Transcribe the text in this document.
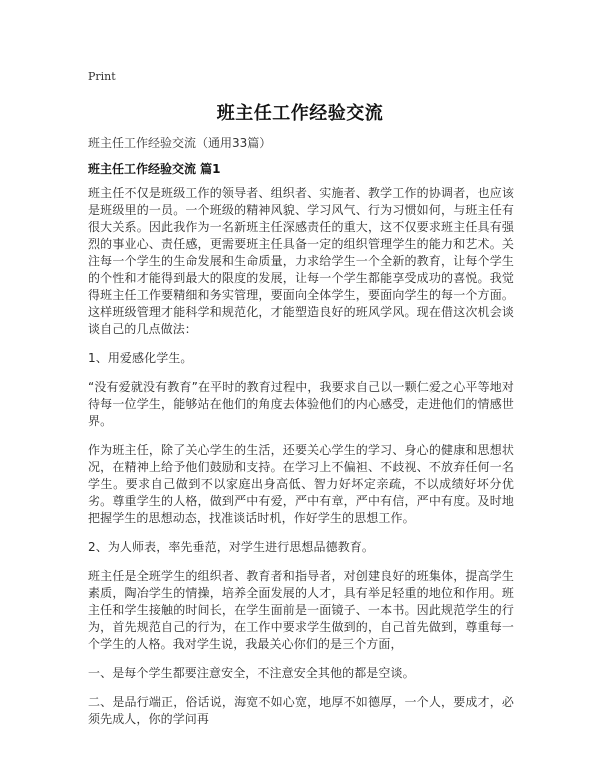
Print
班主任工作经验交流
班主任工作经验交流（通用33篇）
班主任工作经验交流 篇1

班主任不仅是班级工作的领导者、组织者、实施者、教学工作的协调者，也应该是班级里的一员。一个班级的精神风貌、学习风气、行为习惯如何，与班主任有很大关系。因此我作为一名新班主任深感责任的重大，这不仅要求班主任具有强烈的事业心、责任感，更需要班主任具备一定的组织管理学生的能力和艺术。关注每一个学生的生命发展和生命质量，力求给学生一个全新的教育，让每个学生的个性和才能得到最大的限度的发展，让每一个学生都能享受成功的喜悦。我觉得班主任工作要精细和务实管理，要面向全体学生，要面向学生的每一个方面。这样班级管理才能科学和规范化，才能塑造良好的班风学风。现在借这次机会谈谈自己的几点做法：

1、用爱感化学生。

“没有爱就没有教育”在平时的教育过程中，我要求自己以一颗仁爱之心平等地对待每一位学生，能够站在他们的角度去体验他们的内心感受，走进他们的情感世界。

作为班主任，除了关心学生的生活，还要关心学生的学习、身心的健康和思想状况，在精神上给予他们鼓励和支持。在学习上不偏袒、不歧视、不放弃任何一名学生。要求自己做到不以家庭出身高低、智力好坏定亲疏，不以成绩好坏分优劣。尊重学生的人格，做到严中有爱，严中有章，严中有信，严中有度。及时地把握学生的思想动态，找准谈话时机，作好学生的思想工作。

2、为人师表，率先垂范，对学生进行思想品德教育。

班主任是全班学生的组织者、教育者和指导者，对创建良好的班集体，提高学生素质，陶冶学生的情操，培养全面发展的人才，具有举足轻重的地位和作用。班主任和学生接触的时间长，在学生面前是一面镜子、一本书。因此规范学生的行为，首先规范自己的行为，在工作中要求学生做到的，自己首先做到，尊重每一个学生的人格。我对学生说，我最关心你们的是三个方面，

一、是每个学生都要注意安全，不注意安全其他的都是空谈。

二、是品行端正，俗话说，海宽不如心宽，地厚不如德厚，一个人，要成才，必须先成人，你的学问再
